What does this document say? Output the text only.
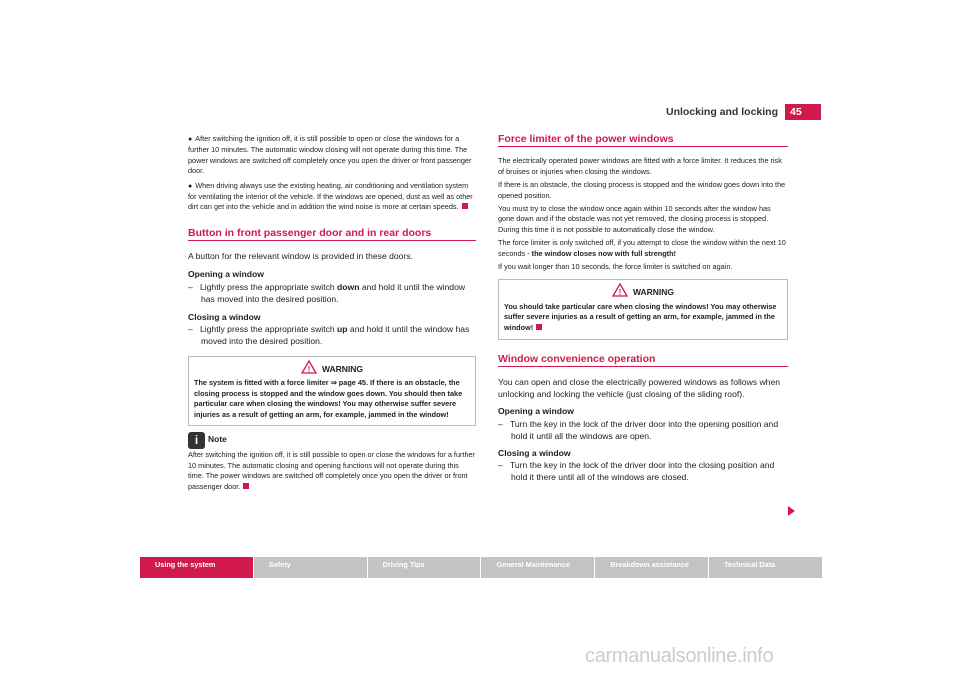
Unlocking and locking	45

● After switching the ignition off, it is still possible to open or close the windows for a further 10 minutes. The automatic window closing will not operate during this time. The power windows are switched off completely once you open the driver or front passenger door.

● When driving always use the existing heating, air conditioning and ventilation system for ventilating the interior of the vehicle. If the windows are opened, dust as well as other dirt can get into the vehicle and in addition the wind noise is more at certain speeds.

Button in front passenger door and in rear doors

A button for the relevant window is provided in these doors.

Opening a window

–   Lightly press the appropriate switch down and hold it until the window has moved into the desired position.

Closing a window

–   Lightly press the appropriate switch up and hold it until the window has moved into the desired position.

! WARNING

The system is fitted with a force limiter ⇒ page 45. If there is an obstacle, the closing process is stopped and the window goes down. You should then take particular care when closing the windows! You may otherwise suffer severe injuries as a result of getting an arm, for example, jammed in the window!

i Note

After switching the ignition off, it is still possible to open or close the windows for a further 10 minutes. The automatic closing and opening functions will not operate during this time. The power windows are switched off completely once you open the driver or front passenger door.

Force limiter of the power windows

The electrically operated power windows are fitted with a force limiter. It reduces the risk of bruises or injuries when closing the windows.

If there is an obstacle, the closing process is stopped and the window goes down into the opened position.

You must try to close the window once again within 10 seconds after the window has gone down and if the obstacle was not yet removed, the closing process is stopped. During this time it is not possible to automatically close the window.

The force limiter is only switched off, if you attempt to close the window within the next 10 seconds - the window closes now with full strength!

If you wait longer than 10 seconds, the force limiter is switched on again.

! WARNING

You should take particular care when closing the windows! You may otherwise suffer severe injuries as a result of getting an arm, for example, jammed in the window!

Window convenience operation

You can open and close the electrically powered windows as follows when unlocking and locking the vehicle (just closing of the sliding roof).

Opening a window

–   Turn the key in the lock of the driver door into the opening position and hold it until all the windows are open.

Closing a window

–   Turn the key in the lock of the driver door into the closing position and hold it there until all of the windows are closed.

Using the system	Safety	Driving Tips	General Maintenance	Breakdown assistance	Technical Data
carmanualsonline.info
